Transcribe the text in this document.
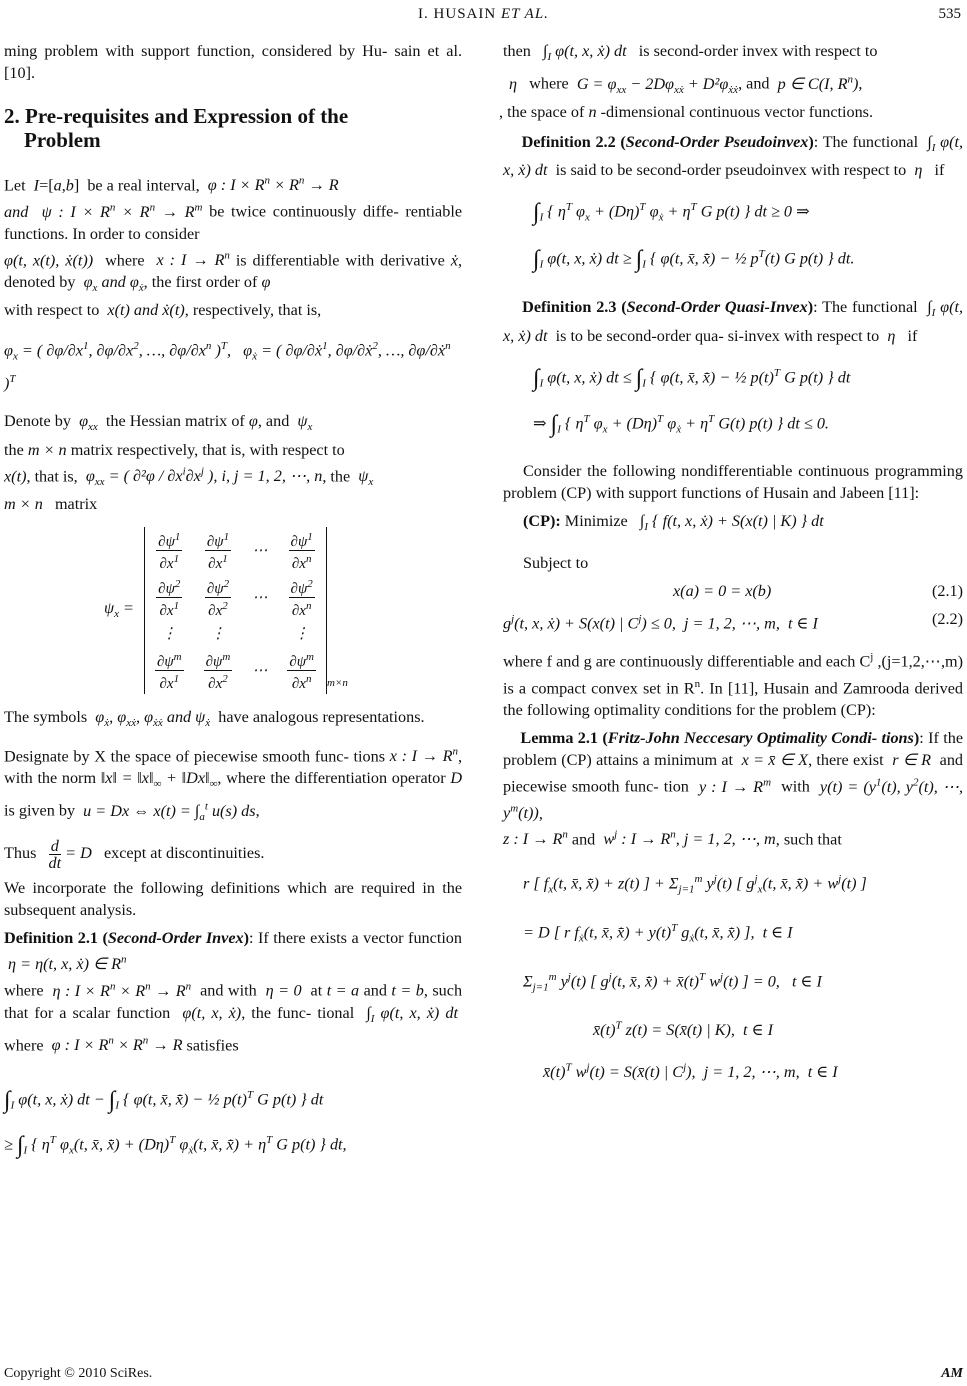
I. HUSAIN ET AL.	535

ming problem with support function, considered by Hu- sain et al. [10].

2. Pre-requisites and Expression of the
Problem

Let  I=[a,b]  be a real interval, φ : $I \times R^n \times R^n \to R$
and  ψ : $I \times R^n \times R^n \to R^m$ be twice continuously diffe- rentiable functions. In order to consider
φ(t, x(t), ẋ(t)) where x : $I \to R^n$ is differentiable with derivative ẋ, denoted by $\varphi_x$ and $\varphi_ẋ$, the first order of φ
with respect to x(t) and ẋ(t), respectively, that is,

$\varphi_x$ = ( $\partial\varphi/\partial x^1$, $\partial\varphi/\partial x^2$, …, $\partial\varphi/\partial x^n$ )$^T$,   $\varphi_ẋ$ = ( ∂φ/∂ẋ$^1$, ∂φ/∂ẋ$^2$, …, ∂φ/∂ẋ$^n$ )$^T$

Denote by $\varphi_{xx}$ the Hessian matrix of φ, and $\psi_x$
the m × n matrix respectively, that is, with respect to
x(t), that is, $\varphi_{xx}$ = ( $\partial^2\varphi / \partial x^i\partial x^j$ ), i, j = 1, 2, ⋯, n, the $\psi_x$
m × n matrix

$\psi_x$ =
$\frac{\partial\psi^1}{\partial x^1}$	$\frac{\partial\psi^1}{\partial x^1}$	⋯	$\frac{\partial\psi^1}{\partial x^n}$

$\frac{\partial\psi^2}{\partial x^1}$	$\frac{\partial\psi^2}{\partial x^2}$	⋯	$\frac{\partial\psi^2}{\partial x^n}$

⋮	⋮		⋮

$\frac{\partial\psi^m}{\partial x^1}$	$\frac{\partial\psi^m}{\partial x^2}$	⋯	$\frac{\partial\psi^m}{\partial x^n} m\times n$

The symbols $\varphi_ẋ$, $\varphi_{xẋ}$, $\varphi_{ẋẋ}$ and $\psi_ẋ$ have analogous representations.

Designate by X the space of piecewise smooth func- tions x : $I \to R^n$, with the norm ‖x‖ = $‖x‖_\infty$ + $‖Dx‖_\infty$, where the differentiation operator D is given by u = Dx ⇔ $x(t) = \int_a^t$ u(s) ds,

Thus $\frac{d}{dt} = D$ except at discontinuities.

We incorporate the following definitions which are required in the subsequent analysis.

Definition 2.1 (Second-Order Invex): If there exists a vector function  η = η(t, x, ẋ) ∈ $R^n$
where η : $I \times R^n \times R^n \to R^n$ and with η = 0 at t = a and t = b, such that for a scalar function φ(t, x, ẋ), the func- tional $\int_I$ φ(t, x, ẋ) dt  where φ : $I \times R^n \times R^n \to R$ satisfies

$\int_I$ φ(t, x, ẋ) dt − $\int_I$ { φ(t, x̄, x̄̇) − ½ $p(t)^T$ G p(t) } dt
≥ $\int_I$ { $\eta^T$ $\varphi_x(t$, x̄, x̄̇) + $(D\eta)^T$ $\varphi_ẋ(t$, x̄, x̄̇) + $\eta^T$ G p(t) } dt,

then $\int_I$ φ(t, x, ẋ) dt is second-order invex with respect to
η where $G = \varphi_{xx} - 2D\varphi_{xẋ} + D^2\varphi_{ẋẋ}$, and p ∈ C(I, $R^n$),
, the space of n -dimensional continuous vector functions.

Definition 2.2 (Second-Order Pseudoinvex): The functional $\int_I$ φ(t, x, ẋ) dt is said to be second-order pseudoinvex with respect to η if

$\int_I$ { $\eta^T$ $\varphi_x + (D\eta)^T$ $\varphi_ẋ + \eta^T$ G p(t) } dt ≥ 0 ⇒
$\int_I$ φ(t, x, ẋ) dt ≥ $\int_I$ { φ(t, x̄, x̄̇) − ½ $p^T(t)$ G p(t) } dt.

Definition 2.3 (Second-Order Quasi-Invex): The functional $\int_I$ φ(t, x, ẋ) dt is to be second-order qua- si-invex with respect to η if

$\int_I$ φ(t, x, ẋ) dt ≤ $\int_I$ { φ(t, x̄, x̄̇) − ½ $p(t)^T$ G p(t) } dt
⇒ $\int_I$ { $\eta^T$ $\varphi_x + (D\eta)^T$ $\varphi_ẋ + \eta^T$ G(t) p(t) } dt ≤ 0.

Consider the following nondifferentiable continuous programming problem (CP) with support functions of Husain and Jabeen [11]:

(CP): Minimize $\int_I$ { f(t, x, ẋ) + S(x(t) | K) } dt

Subject to

x(a) = 0 = x(b)	(2.1)
$g^j(t$, x, ẋ) + S(x(t) | $C^j) \le 0$,  j = 1, 2, ⋯, m,  t ∈ I	(2.2)

where f and g are continuously differentiable and each $C^j$ ,(j=1,2,⋯,m) is a compact convex set in $R^n$. In [11], Husain and Zamrooda derived the following optimality conditions for the problem (CP):

Lemma 2.1 (Fritz-John Neccesary Optimality Condi- tions): If the problem (CP) attains a minimum at x = x̄ ∈ X, there exist r ∈ R and piecewise smooth func- tion y : $I \to R^m$ with $y(t) = (y^1(t)$, $y^2(t)$, ⋯, $y^m(t)$),
z : $I \to R^n$ and $w^j$ : $I \to R^n$, j = 1, 2, ⋯, m, such that

r [ $f_x(t$, x̄, x̄̇) + z(t) ] + $\Sigma_{j=1}^m$ $y^j(t)$ [ $g^j_x(t$, x̄, x̄̇) + $w^j(t)$ ]
= D [ r $f_ẋ(t$, x̄, x̄̇) + $y(t)^T$ $g_ẋ(t$, x̄, x̄̇) ],  t ∈ I
$\Sigma_{j=1}^m$ $y^j(t)$ [ $g^j(t$, x̄, x̄̇) + $x̄(t)^T$ $w^j(t)$ ] = 0,   t ∈ I
$x̄(t)^T$ z(t) = S(x̄(t) | K),  t ∈ I
$x̄(t)^T$ $w^j(t)$ = S(x̄(t) | $C^j$),  j = 1, 2, ⋯, m,  t ∈ I
Copyright © 2010 SciRes.	AM
